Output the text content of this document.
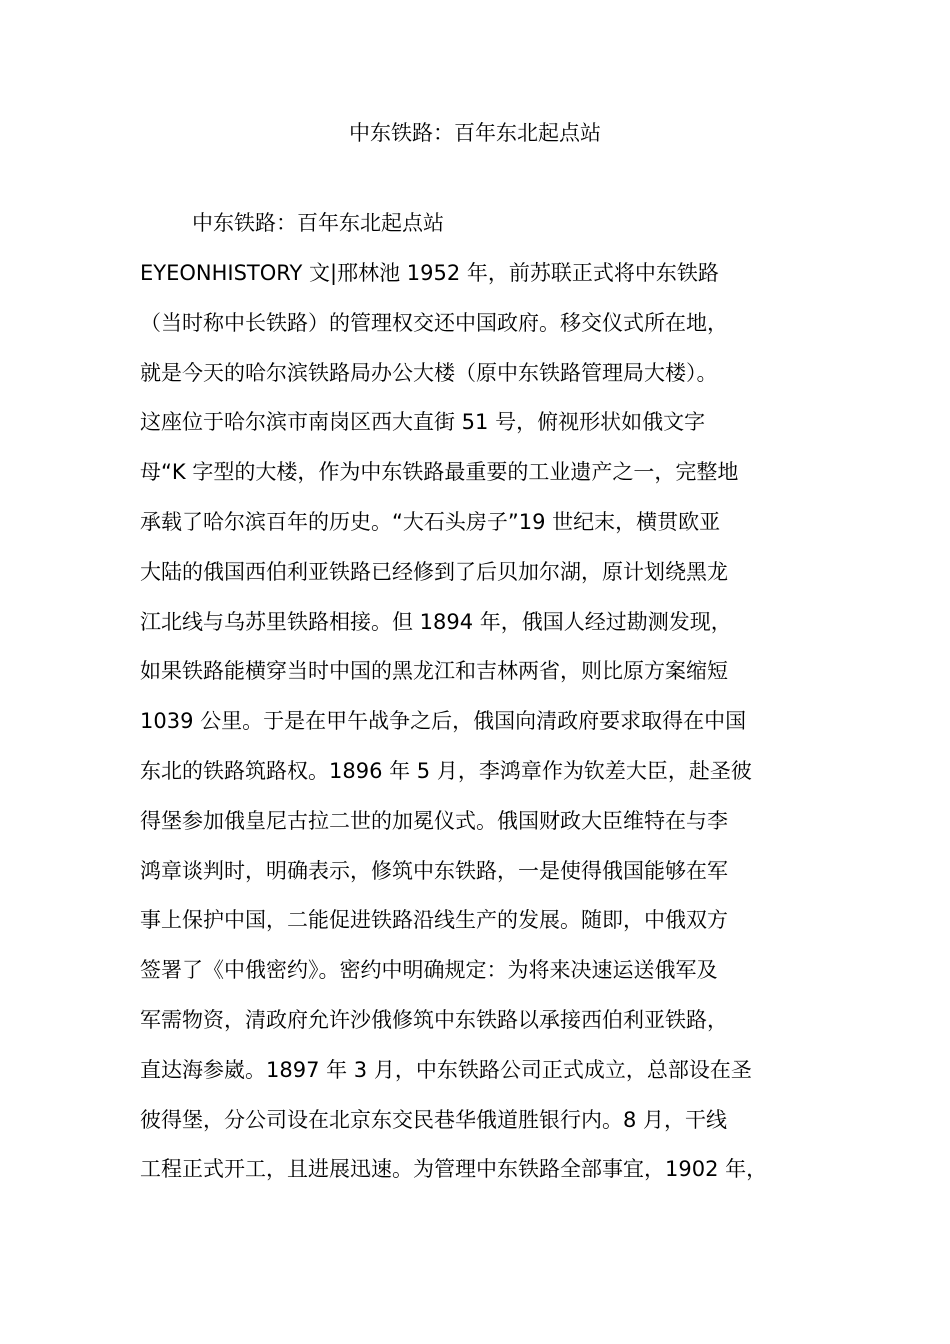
中东铁路：百年东北起点站
中东铁路：百年东北起点站
EYEONHISTORY 文|邢林池 1952 年，前苏联正式将中东铁路
（当时称中长铁路）的管理权交还中国政府。移交仪式所在地，
就是今天的哈尔滨铁路局办公大楼（原中东铁路管理局大楼）。
这座位于哈尔滨市南岗区西大直街 51 号，俯视形状如俄文字
母“K 字型的大楼，作为中东铁路最重要的工业遗产之一，完整地
承载了哈尔滨百年的历史。“大石头房子”19 世纪末，横贯欧亚
大陆的俄国西伯利亚铁路已经修到了后贝加尔湖，原计划绕黑龙
江北线与乌苏里铁路相接。但 1894 年，俄国人经过勘测发现，
如果铁路能横穿当时中国的黑龙江和吉林两省，则比原方案缩短
1039 公里。于是在甲午战争之后，俄国向清政府要求取得在中国
东北的铁路筑路权。1896 年 5 月，李鸿章作为钦差大臣，赴圣彼
得堡参加俄皇尼古拉二世的加冕仪式。俄国财政大臣维特在与李
鸿章谈判时，明确表示，修筑中东铁路，一是使得俄国能够在军
事上保护中国，二能促进铁路沿线生产的发展。随即，中俄双方
签署了《中俄密约》。密约中明确规定：为将来决速运送俄军及
军需物资，清政府允许沙俄修筑中东铁路以承接西伯利亚铁路，
直达海参崴。1897 年 3 月，中东铁路公司正式成立，总部设在圣
彼得堡，分公司设在北京东交民巷华俄道胜银行内。8 月，干线
工程正式开工，且进展迅速。为管理中东铁路全部事宜，1902 年，
